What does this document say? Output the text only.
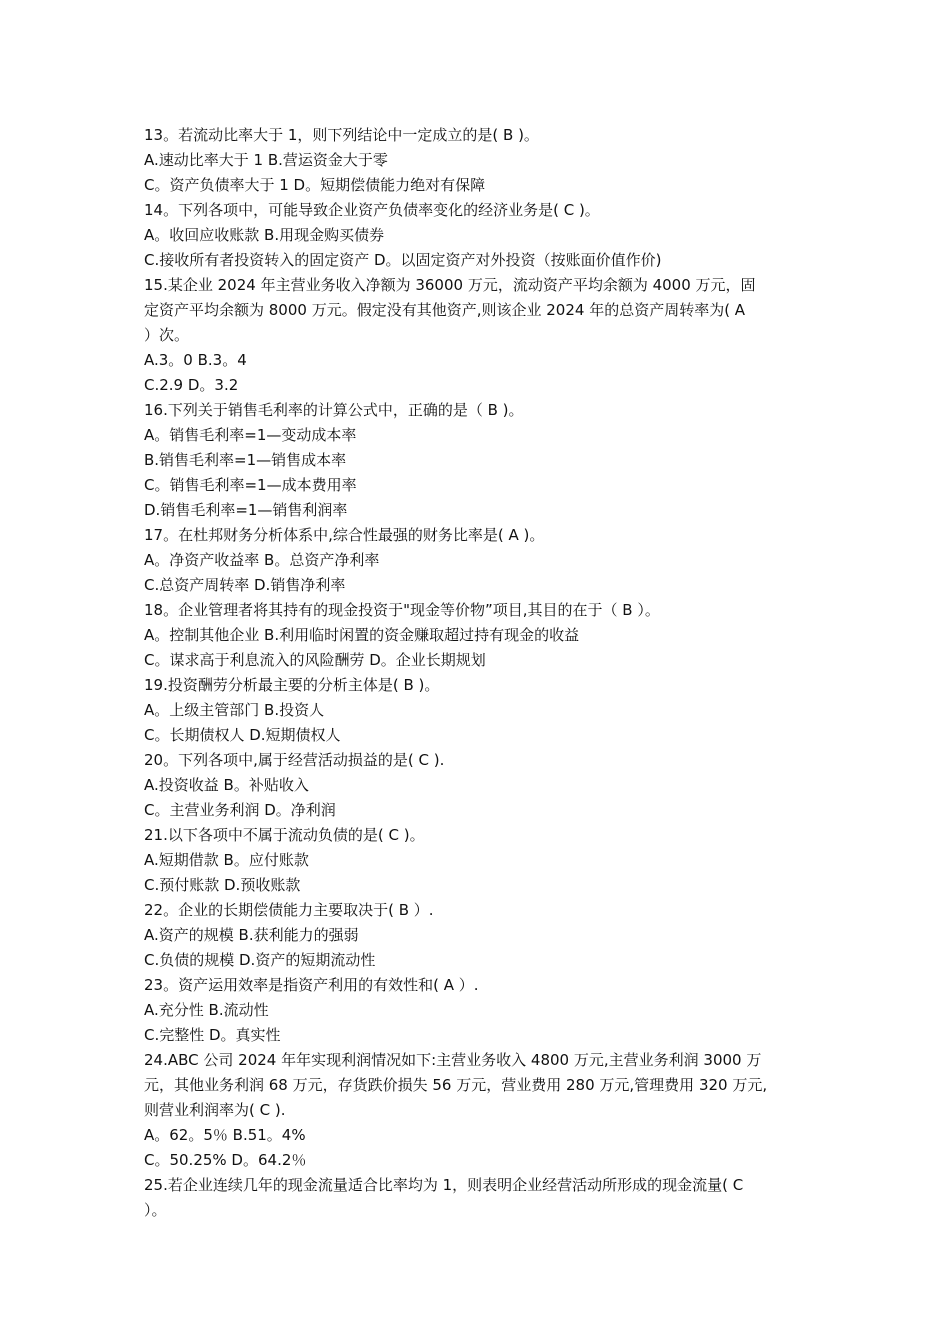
13。若流动比率大于 1，则下列结论中一定成立的是( B )。
A.速动比率大于 1 B.营运资金大于零
C。资产负债率大于 1 D。短期偿债能力绝对有保障
14。下列各项中，可能导致企业资产负债率变化的经济业务是( C )。
A。收回应收账款 B.用现金购买债券
C.接收所有者投资转入的固定资产 D。以固定资产对外投资（按账面价值作价)
15.某企业 2024 年主营业务收入净额为 36000 万元，流动资产平均余额为 4000 万元，固
定资产平均余额为 8000 万元。假定没有其他资产,则该企业 2024 年的总资产周转率为( A
）次。
A.3。0 B.3。4
C.2.9 D。3.2
16.下列关于销售毛利率的计算公式中，正确的是（ B )。
A。销售毛利率=1—变动成本率
B.销售毛利率=1—销售成本率
C。销售毛利率=1—成本费用率
D.销售毛利率=1—销售利润率
17。在杜邦财务分析体系中,综合性最强的财务比率是( A )。
A。净资产收益率 B。总资产净利率
C.总资产周转率 D.销售净利率
18。企业管理者将其持有的现金投资于"现金等价物”项目,其目的在于（ B ）。
A。控制其他企业 B.利用临时闲置的资金赚取超过持有现金的收益
C。谋求高于利息流入的风险酬劳 D。企业长期规划
19.投资酬劳分析最主要的分析主体是( B )。
A。上级主管部门 B.投资人
C。长期债权人 D.短期债权人
20。下列各项中,属于经营活动损益的是( C ).
A.投资收益 B。补贴收入
C。主营业务利润 D。净利润
21.以下各项中不属于流动负债的是( C )。
A.短期借款 B。应付账款
C.预付账款 D.预收账款
22。企业的长期偿债能力主要取决于( B ）.
A.资产的规模 B.获利能力的强弱
C.负债的规模 D.资产的短期流动性
23。资产运用效率是指资产利用的有效性和( A ）.
A.充分性 B.流动性
C.完整性 D。真实性
24.ABC 公司 2024 年年实现利润情况如下:主营业务收入 4800 万元,主营业务利润 3000 万
元，其他业务利润 68 万元，存货跌价损失 56 万元，营业费用 280 万元,管理费用 320 万元,
则营业利润率为( C ).
A。62。5％ B.51。4%
C。50.25% D。64.2％
25.若企业连续几年的现金流量适合比率均为 1，则表明企业经营活动所形成的现金流量( C
）。
